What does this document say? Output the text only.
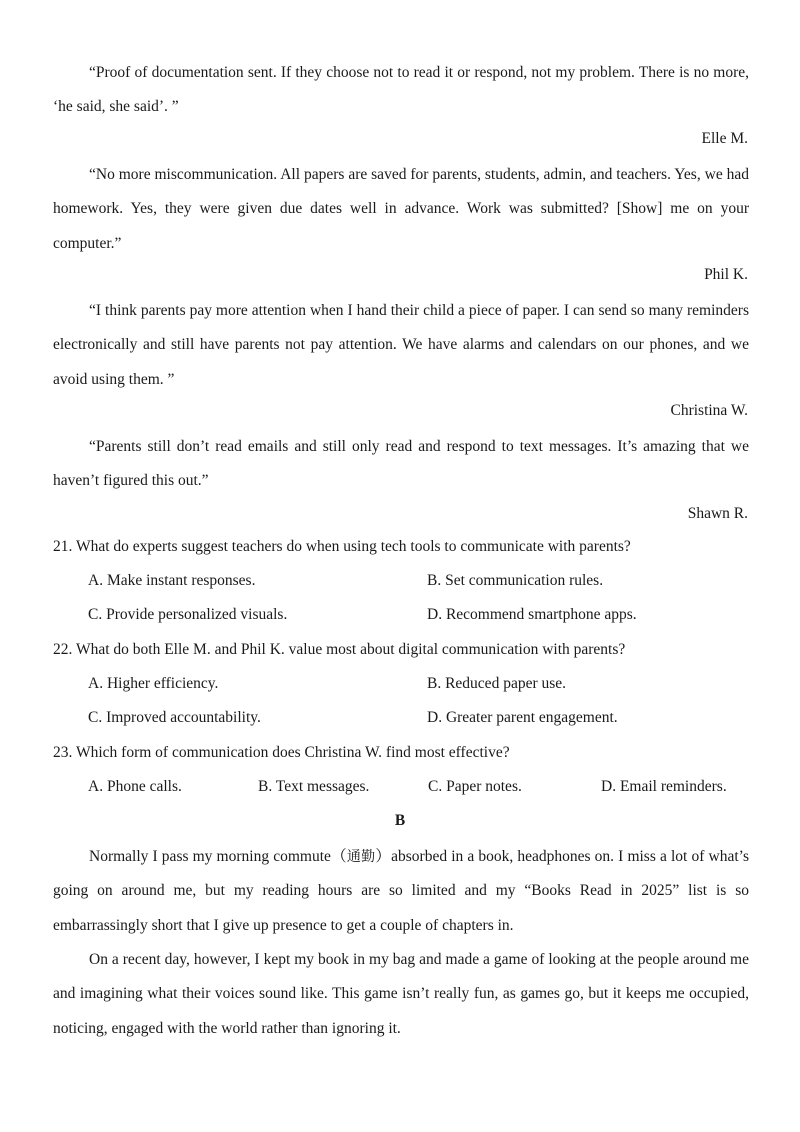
“Proof of documentation sent. If they choose not to read it or respond, not my problem. There is no more, ‘he said, she said’. ”

Elle M.

“No more miscommunication. All papers are saved for parents, students, admin, and teachers. Yes, we had homework. Yes, they were given due dates well in advance. Work was submitted? [Show] me on your computer.”

Phil K.

“I think parents pay more attention when I hand their child a piece of paper. I can send so many reminders electronically and still have parents not pay attention. We have alarms and calendars on our phones, and we avoid using them. ”

Christina W.

“Parents still don’t read emails and still only read and respond to text messages. It’s amazing that we haven’t figured this out.”

Shawn R.

21. What do experts suggest teachers do when using tech tools to communicate with parents?

A. Make instant responses.	B. Set communication rules.

C. Provide personalized visuals.	D. Recommend smartphone apps.

22. What do both Elle M. and Phil K. value most about digital communication with parents?

A. Higher efficiency.	B. Reduced paper use.

C. Improved accountability.	D. Greater parent engagement.

23. Which form of communication does Christina W. find most effective?

A. Phone calls.	B. Text messages.	C. Paper notes.	D. Email reminders.

B

Normally I pass my morning commute（通勤）absorbed in a book, headphones on. I miss a lot of what’s going on around me, but my reading hours are so limited and my “Books Read in 2025” list is so embarrassingly short that I give up presence to get a couple of chapters in.

On a recent day, however, I kept my book in my bag and made a game of looking at the people around me and imagining what their voices sound like. This game isn’t really fun, as games go, but it keeps me occupied, noticing, engaged with the world rather than ignoring it.
